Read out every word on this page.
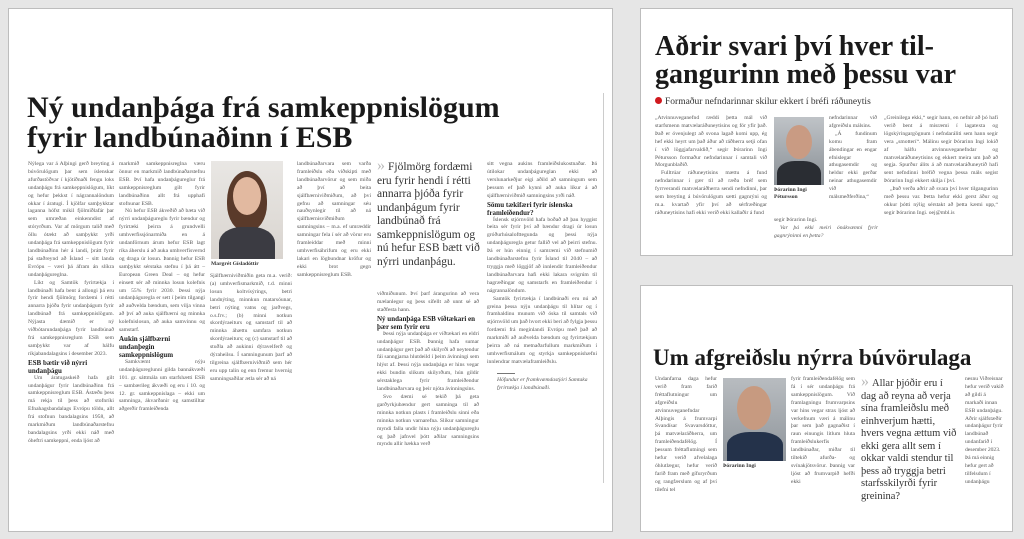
Ný undanþága frá samkeppnislögum
fyrir landbúnaðinn í ESB

Nýlega var á Alþingi gerð breyting á búvörulögum þar sem íslenskar afurðastöðvar í kjötiðnaði fengu loks undanþágu frá samkeppnislögum, líkt og hefur þekkst í nágrannalöndum okkar í áratugi. Í kjölfar samþykktar laganna hófst mikil fjölmiðlafár þar sem umræðan einkenndist af stóryrðum. Var af mörgum talið með öllu ótækt að samþykkt yrði undanþága frá samkeppnislögum fyrir landbúnaðinn hér á landi, þrátt fyrir þá staðreynd að Ísland – sitt landa Evrópu – væri þá áfram án slíkra undanþágureglna.

Líkt og Samtök fyrirtækja í landbúnaði hafa bent á allongi þá eru fyrir hendi fjölmörg fordæmi í rétti annarra þjóða fyrir undanþágum fyrir landbúnað frá samkeppnislögum. Nýjasta dæmið er ný viðbótarundanþága fyrir landbúnað frá samkeppnisreglum ESB sem samþykkt var af hálfu ríkjabandalagsins í desember 2023.

ESB bætir við nýrri undanþágu

Um áratugaskeið hafa gilt undanþágur fyrir landbúnaðinn frá samkeppnisreglum ESB. Ástæðu þess má rekja til þess að stofnríki Efnahagsbandalags Evrópu töldu, allt frá stofnun bandalagsins 1958, að markmiðum landbúnaðarstefnu bandalagsins yrði ekki náð með óheftri samkeppni, enda ljóst að

markmið samkeppnisreglna væru önnur en markmið landbúnaðarstefnu ESB. Því hafa undanþágureglur frá samkeppnisreglum gilt fyrir landbúnaðinn allt frá upphafi stofnunar ESB.

Nú hefur ESB ákveðið að bæta við nýrri undanþágureglu fyrir bændur og fyrirtæki þeirra á grundvelli umhverfissjónarmiða en á undanförnum árum hefur ESB lagt ríka áherslu á að auka umhverfisvernd og draga úr losun. Þannig hefur ESB samþykkt sérstaka stefnu í þá átt – European Green Deal – og hefur einsett sér að minnka losun kolefnis um 55% fyrir 2030. Þessi nýja undanþáguregla er sett í þeim tilgangi að auðvelda bændum, sem vilja vinna að því að auka sjálfbærni og minnka kolefnislosun, að auka samvinnu og samstarf.

Aukin sjálfbærni undanþegin samkeppnislögum

Samkvæmt nýju undanþágureglunni gilda bannákvæði 101. gr. sáttmála um starfshætti ESB – sambærileg ákvæði og eru í 10. og 12. gr. samkeppnislaga – ekki um samninga, ákvarðanir og samstilltar aðgerðir framleiðenda

Margrét Gísladóttir

Sjálfbærniviðmiðin geta m.a. verið: (a) umhverfismarkmið, t.d. minni losun koltvísýrings, betri landnýting, minnkun matarsóunar, betri nýting vatns og jarðvegs, o.s.frv.; (b) minni notkun skordýraeiturs og samstarf til að minnka áhættu samfara notkun skordýraeiturs; og (c) samstarf til að stuðla að aukinni dýravelferð og dýraheilsu. Í samningunum þarf að tilgreina sjálfbærniviðmið sem hér eru upp talin og enn fremur hvernig samningsaðilar ætla sér að ná

landbúnaðarvara sem varða framleiðslu eða viðskipti með landbúnaðarvörur og sem miða að því að beita sjálfbærniviðmiðum, að því gefnu að samningar séu nauðsynlegir til að ná sjálfbærnisviðmiðum samningsins – m.a. ef umræddir samningar fela í sér að vörur eru framleiddar með minni umhverfisáhrifum og eru ekki lakari en lögbundnar kröfur og ekki brot gegn samkeppnisreglum ESB.

» Fjölmörg fordæmi eru fyrir hendi í rétti annarra þjóða fyrir undanþágum fyrir landbúnað frá samkeppnislögum og nú hefur ESB bætt við nýrri undanþágu.

viðmiðunum. Því þarf árangurinn að vera mælanlegur og þess sífellt að unnt sé að staðfesta hann.

Ný undanþága ESB víðtækari en þær sem fyrir eru

Þessi nýja undanþága er víðtækari en eldri undanþágur ESB. Þannig hafa sumar undanþágur gert það að skilyrði að neytendur fái sanngjarna hlutdeild í þeim ávinningi sem hlýst af. Þessi nýja undanþága er hins vegar ekki bundin slíkum skilyrðum, hún gildir sérstaklega fyrir framleiðendur landbúnaðarvara og þeir njóta ávinningsins.

Svo dæmi sé tekið þá geta garðyrkjubændur gert samninga til að minnka notkun plasts í framleiðslu sinni eða minnka notkun varnarefna. Slíkur samningur myndi falla undir hina nýju undanþágureglu og það jafnvel þótt aðilar samningsins myndu allir hækka verð

sitt vegna aukins framleiðslukostnaðar. Þá útilokar undanþágureglan ekki að verslunarkeðjur eigi aðild að samningum sem þessum ef það kynni að auka líkur á að sjálfbærniviðmið samningsins yrði náð.

Sömu tækifæri fyrir íslenska framleiðendur?

Íslensk stjórnvöld hafa boðað að þau hyggist beita sér fyrir því að bændur dragi úr losun gróðurhúsalofttegunda og þessi nýja undanþáguregla getur fallið vel að þeirri stefnu. Þá er hún einnig í samræmi við stefnumið landbúnaðarstefnu fyrir Ísland til 2040 – að tryggja með löggjöf að innlendir framleiðendur landbúnaðarvara hafi ekki lakara svigrúm til hagræðingar og samstarfs en framleiðendur í nágrannalöndum.

Samtök fyrirtækja í landbúnaði eru nú að greina þessa nýju undanþágu til hlítar og í framhaldinu munum við óska til samtals við stjórnvöld um það hvort ekki beri að fylgja þessu fordæmi frá meginlandi Evrópu með það að markmiði að auðvelda bændum og fyrirtækjum þeirra að ná metnaðarfullum markmiðum í umhverfismálum og styrkja samkeppnishæfni innlendrar matvælaframleiðslu.

Höfundur er framkvæmdastjóri Samtaka fyrirtækja í landbúnaði.

Aðrir svari því hver til-
gangurinn með þessu var
Formaður nefndarinnar skilur ekkert í bréfi ráðuneytis

„Atvinnuveganefnd ræddi þetta mál við starfsmenn matvælaráðuneytisins og fór yfir það. Það er óvenjulegt að svona lagað komi upp, ég hef ekki heyrt um það áður að ráðherra setji ofan í við löggjafarvaldið,“ segir Þórarinn Ingi Pétursson formaður nefndarinnar í samtali við Morgunblaðið.

Fulltrúar ráðuneytisins mættu á fund nefndarinnar í gær til að ræða bréf sem fyrrverandi matvælaráðherra sendi nefndinni, þar sem breyting á búvörulögum sætti gagnrýni og m.a. kvartað yfir því að sérfræðingar ráðuneytisins hafi ekki verið ekki kallaðir á fund

Þórarinn Ingi
Pétursson

nefndarinnar við afgreiðslu málsins.

„Á fundinum komu fram ábendingar en engar efnislegar athugasemdir og heldur ekki gerðar neinar athugasemdir við málsmeðferðina,“

segir Þórarinn Ingi.

Var þá ekki meiri ónákvæmni fyrir gagnrýninni en þetta?

„Greinilega ekki,“ segir hann, en nefnir að þó hafi verið bent á misræmi í lagatexta og lögskýringargögnum í nefndaráliti sem hann segir vera „smotterí“. Málinu segir Þórarinn Ingi lokið af hálfu atvinnuveganefndar og matvælaráðuneytisins og ekkert meira um það að segja. Spurður álits á að matvælaráðuneytið hafi sent nefndinni bréfið vegna þessa máls segist Þórarinn Ingi ekkert skilja í því.

„Það verða aðrir að svara því hver tilgangurinn með þessu var. Þetta hefur ekki gerst áður og okkur þótti nýlig sérstakt að þetta kæmi upp,“ segir Þórarinn Ingi. oej@mbl.is

Um afgreiðslu nýrra búvörulaga

Undanfarna daga hefur verið fram farið fréttaflutningur um afgreiðslu atvinnuveganefndar Alþingis á frumvarpi Svandísar Svavarsdóttur, þá matvælaráðherra, um framleiðendafélög. Í þessum fréttaflutningi sem hefur verið afvelalaga óhlutlægur, hefur verið farið fram með gífuryrðum og rangfærslum og af því tilefni tel

Þórarinn Ingi

fyrir framleiðendafélög sem fá í sér undanþágu frá samkeppnislögum. Við framlagningu frumvarpsins var hins vegar strax ljóst að verkefnum væri á málinu þar sem það gagnaðist í raun einungis litlum hluta framleiðslukerfis landbúnaðar, miðar til tiltekið afurða- og svínakjötsvörur. Þannig var ljóst að frumvarpið hefði ekki

» Allar þjóðir eru í dag að reyna að verja sína framleiðslu með einhverjum hætti, hvers vegna ættum við ekki gera allt sem í okkar valdi stendur til þess að tryggja betri starfsskilyrði fyrir greinina?

nesnu Viðreisnar hefur verið vakið að gildi á markaði innan ESB undanþágu. Aðrir sjálfstæðir undanþágur fyrir landbúnað undanfarið í desember 2023. Þá má einnig hefur gert að tilfelsdum í undanþágu
